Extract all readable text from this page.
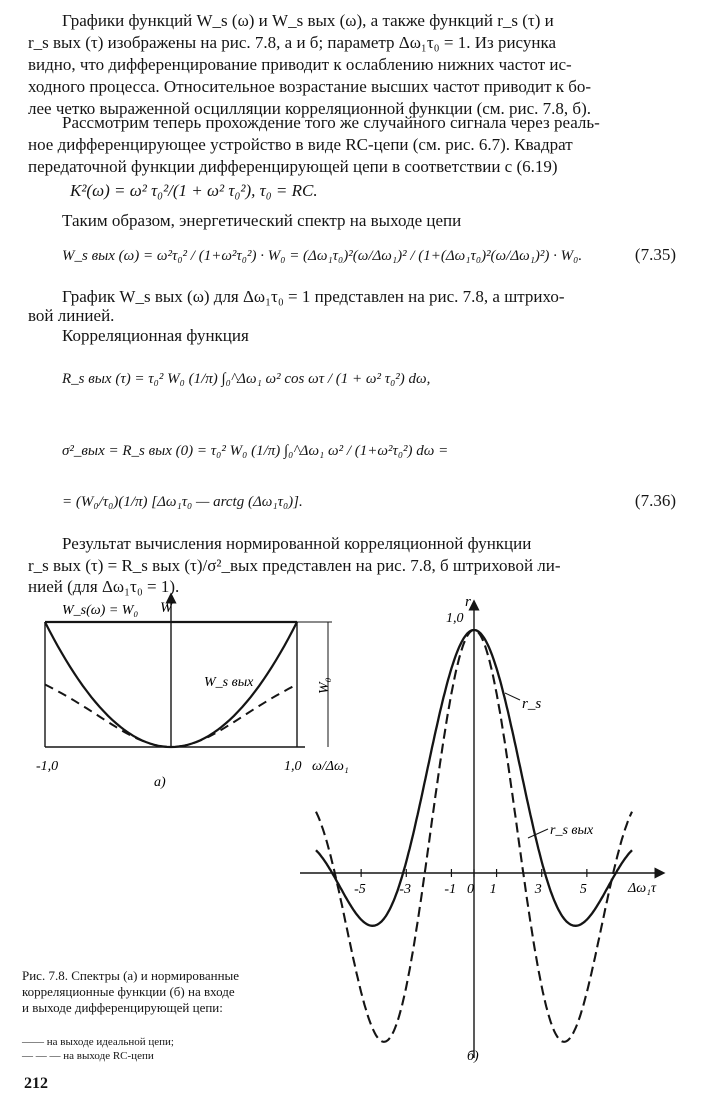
Графики функций W_s (ω) и W_s вых (ω), а также функций r_s (τ) и
r_s вых (τ) изображены на рис. 7.8, а и б; параметр Δω₁τ₀ = 1. Из рисунка
видно, что дифференцирование приводит к ослаблению нижних частот ис-
ходного процесса. Относительное возрастание высших частот приводит к бо-
лее четко выраженной осцилляции корреляционной функции (см. рис. 7.8, б).
Рассмотрим теперь прохождение того же случайного сигнала через реаль-
ное дифференцирующее устройство в виде RC-цепи (см. рис. 6.7). Квадрат
передаточной функции дифференцирующей цепи в соответствии с (6.19)
K²(ω) = ω² τ₀²/(1 + ω² τ₀²), τ₀ = RC.
Таким образом, энергетический спектр на выходе цепи
W_s вых (ω) = ω²τ₀² / (1+ω²τ₀²) · W₀ = (Δω₁τ₀)²(ω/Δω₁)² / (1+(Δω₁τ₀)²(ω/Δω₁)²) · W₀.	(7.35)
График W_s вых (ω) для Δω₁τ₀ = 1 представлен на рис. 7.8, а штрихо-
вой линией.
Корреляционная функция
R_s вых (τ) = τ₀² W₀ (1/π) ∫₀^Δω₁ ω² cos ωτ / (1 + ω² τ₀²) dω,
σ²_вых = R_s вых (0) = τ₀² W₀ (1/π) ∫₀^Δω₁ ω² / (1+ω²τ₀²) dω =
= (W₀/τ₀)(1/π) [Δω₁τ₀ — arctg (Δω₁τ₀)].	(7.36)
Результат вычисления нормированной корреляционной функции
r_s вых (τ) = R_s вых (τ)/σ²_вых представлен на рис. 7.8, б штриховой ли-
нией (для Δω₁τ₀ = 1).
W_s(ω) = W₀ W
W_s вых	W₀
-1,0	1,0 ω/Δω₁
а)
r
1,0
r_s
r_s вых
Δω₁τ
б)
-5 -3 -1 0 1	3	5
Рис. 7.8. Спектры (а) и нормированные корреляционные функции (б) на входе и выходе дифференцирующей цепи:
—— на выходе идеальной цепи;
— — — на выходе RC-цепи
212
